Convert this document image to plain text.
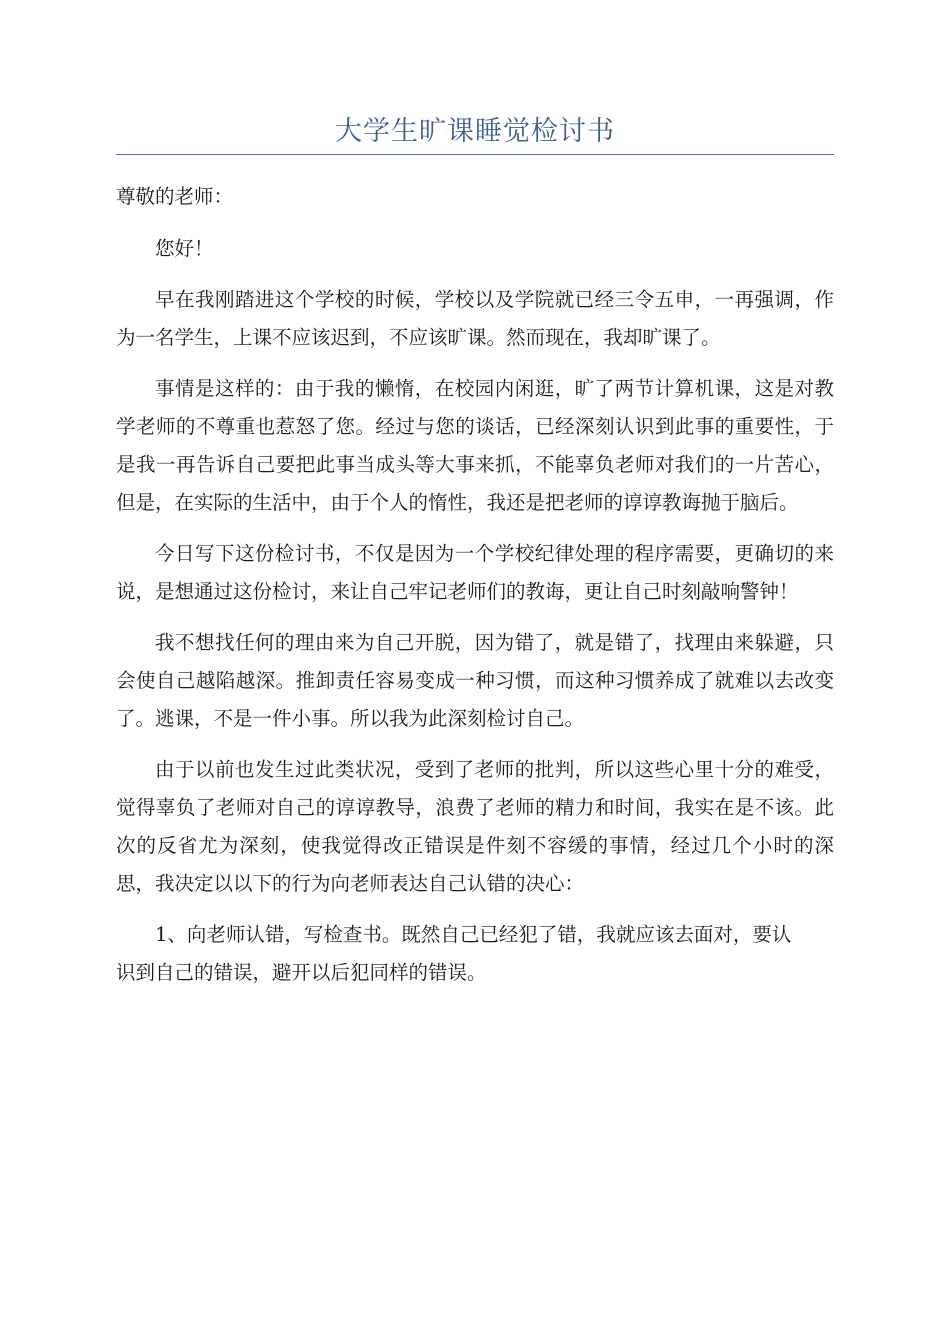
大学生旷课睡觉检讨书

尊敬的老师：

您好！

早在我刚踏进这个学校的时候，学校以及学院就已经三令五申，一再强调，作为一名学生，上课不应该迟到，不应该旷课。然而现在，我却旷课了。

事情是这样的：由于我的懒惰，在校园内闲逛，旷了两节计算机课，这是对教学老师的不尊重也惹怒了您。经过与您的谈话，已经深刻认识到此事的重要性，于是我一再告诉自己要把此事当成头等大事来抓，不能辜负老师对我们的一片苦心，但是，在实际的生活中，由于个人的惰性，我还是把老师的谆谆教诲抛于脑后。

今日写下这份检讨书，不仅是因为一个学校纪律处理的程序需要，更确切的来说，是想通过这份检讨，来让自己牢记老师们的教诲，更让自己时刻敲响警钟！

我不想找任何的理由来为自己开脱，因为错了，就是错了，找理由来躲避，只会使自己越陷越深。推卸责任容易变成一种习惯，而这种习惯养成了就难以去改变了。逃课，不是一件小事。所以我为此深刻检讨自己。

由于以前也发生过此类状况，受到了老师的批判，所以这些心里十分的难受，觉得辜负了老师对自己的谆谆教导，浪费了老师的精力和时间，我实在是不该。此次的反省尤为深刻，使我觉得改正错误是件刻不容缓的事情，经过几个小时的深思，我决定以以下的行为向老师表达自己认错的决心：

1、向老师认错，写检查书。既然自己已经犯了错，我就应该去面对，要认识到自己的错误，避开以后犯同样的错误。
